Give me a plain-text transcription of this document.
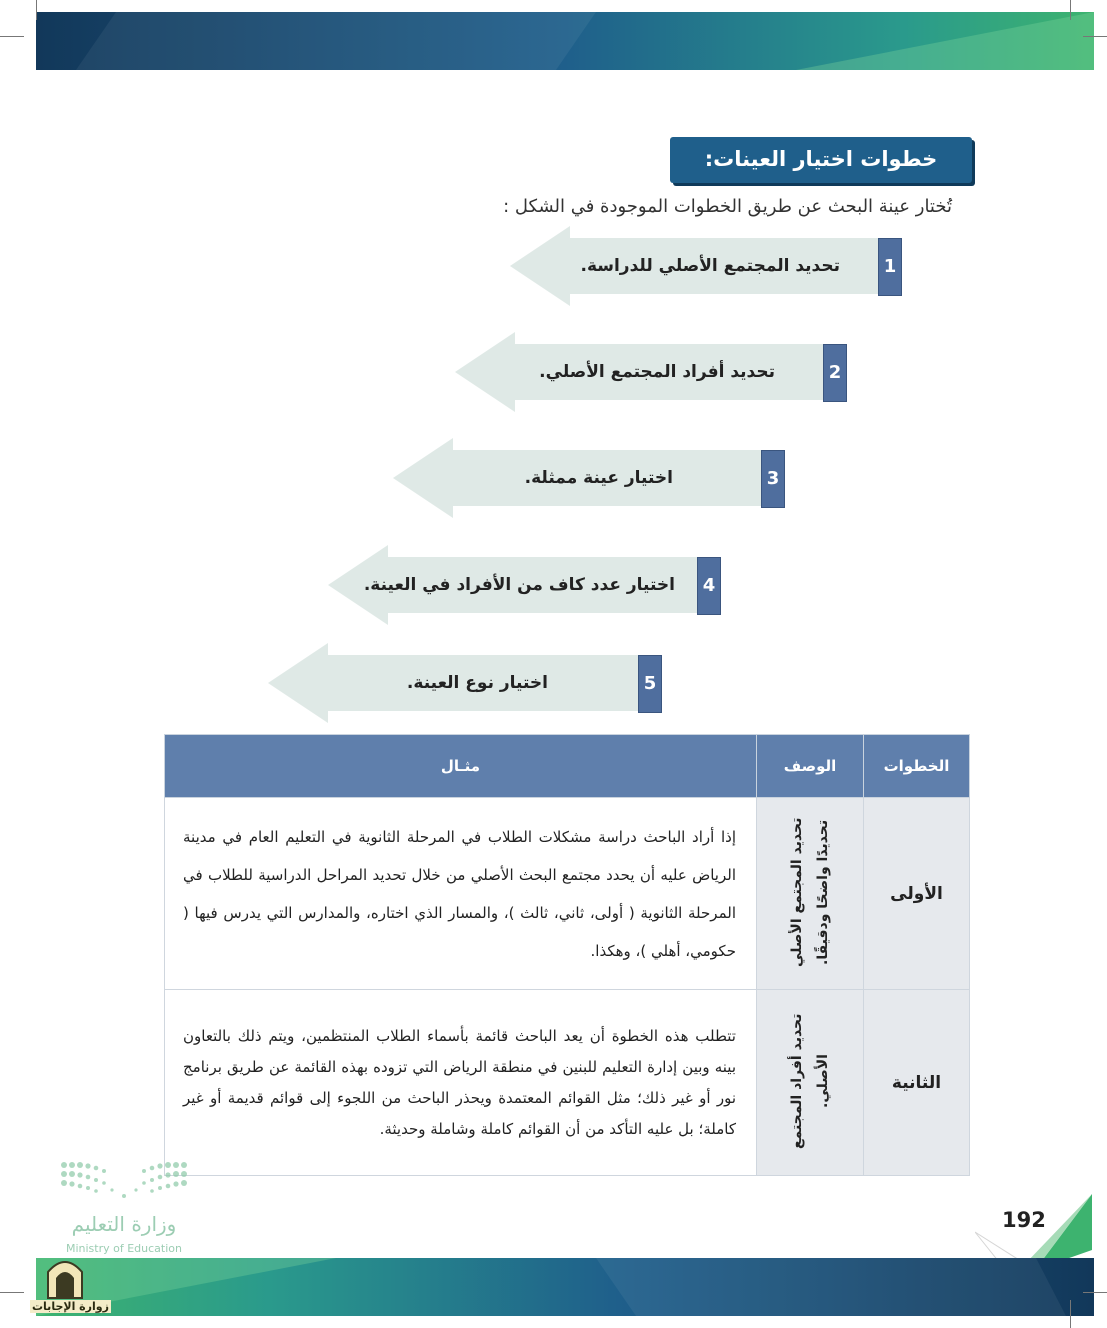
خطوات اختيار العينات:
تُختار عينة البحث عن طريق الخطوات الموجودة في الشكل :
تحديد المجتمع الأصلي للدراسة.	1
تحديد أفراد المجتمع الأصلي.	2
اختيار عينة ممثلة.	3
اختيار عدد كاف من الأفراد في العينة.	4
اختيار نوع العينة.	5
الخطوات	الوصف	مثـال
الأولى	تحديد المجتمع الأصلي تحديدًا واضحًا ودقيقًا.	إذا أراد الباحث دراسة مشكلات الطلاب في المرحلة الثانوية في التعليم العام في مدينة الرياض عليه أن يحدد مجتمع البحث الأصلي من خلال تحديد المراحل الدراسية للطلاب في المرحلة الثانوية ( أولى، ثاني، ثالث )، والمسار الذي اختاره، والمدارس التي يدرس فيها ( حكومي، أهلي )، وهكذا.
الثانية	تحديد أفراد المجتمع الأصلي.	تتطلب هذه الخطوة أن يعد الباحث قائمة بأسماء الطلاب المنتظمين، ويتم ذلك بالتعاون بينه وبين إدارة التعليم للبنين في منطقة الرياض التي تزوده بهذه القائمة عن طريق برنامج نور أو غير ذلك؛ مثل القوائم المعتمدة ويحذر الباحث من اللجوء إلى قوائم قديمة أو غير كاملة؛ بل عليه التأكد من أن القوائم كاملة وشاملة وحديثة.
وزارة التعليم
Ministry of Education
192
زوارة الإجابات
